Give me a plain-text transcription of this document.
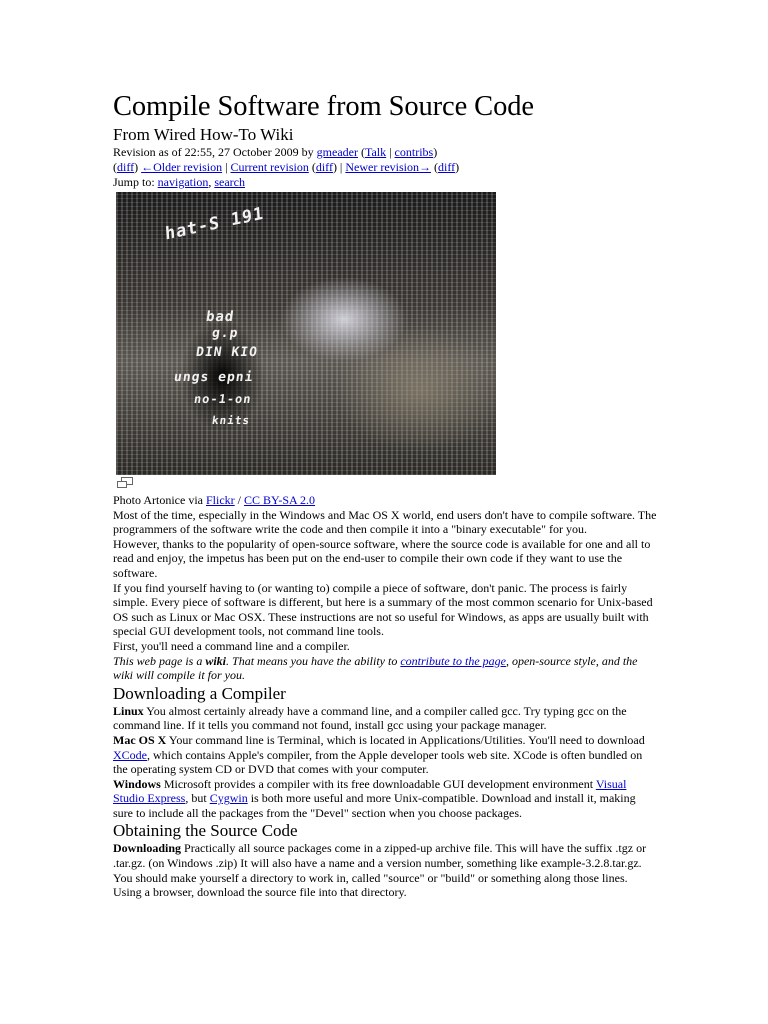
Compile Software from Source Code
From Wired How-To Wiki
Revision as of 22:55, 27 October 2009 by gmeader (Talk | contribs)
(diff) ←Older revision | Current revision (diff) | Newer revision→ (diff)
Jump to: navigation, search
hat-S 191
bad
g.p
DIN KIO
ungs epni
no-1-on
knits

Photo Artonice via Flickr / CC BY-SA 2.0

Most of the time, especially in the Windows and Mac OS X world, end users don't have to compile software. The programmers of the software write the code and then compile it into a "binary executable" for you.

However, thanks to the popularity of open-source software, where the source code is available for one and all to read and enjoy, the impetus has been put on the end-user to compile their own code if they want to use the software.

If you find yourself having to (or wanting to) compile a piece of software, don't panic. The process is fairly simple. Every piece of software is different, but here is a summary of the most common scenario for Unix-based OS such as Linux or Mac OSX. These instructions are not so useful for Windows, as apps are usually built with special GUI development tools, not command line tools.

First, you'll need a command line and a compiler.

This web page is a wiki. That means you have the ability to contribute to the page, open-source style, and the wiki will compile it for you.

Downloading a Compiler

Linux You almost certainly already have a command line, and a compiler called gcc. Try typing gcc on the command line. If it tells you command not found, install gcc using your package manager.

Mac OS X Your command line is Terminal, which is located in Applications/Utilities. You'll need to download XCode, which contains Apple's compiler, from the Apple developer tools web site. XCode is often bundled on the operating system CD or DVD that comes with your computer.

Windows Microsoft provides a compiler with its free downloadable GUI development environment Visual Studio Express, but Cygwin is both more useful and more Unix-compatible. Download and install it, making sure to include all the packages from the "Devel" section when you choose packages.

Obtaining the Source Code

Downloading Practically all source packages come in a zipped-up archive file. This will have the suffix .tgz or .tar.gz. (on Windows .zip) It will also have a name and a version number, something like example-3.2.8.tar.gz. You should make yourself a directory to work in, called "source" or "build" or something along those lines. Using a browser, download the source file into that directory.
